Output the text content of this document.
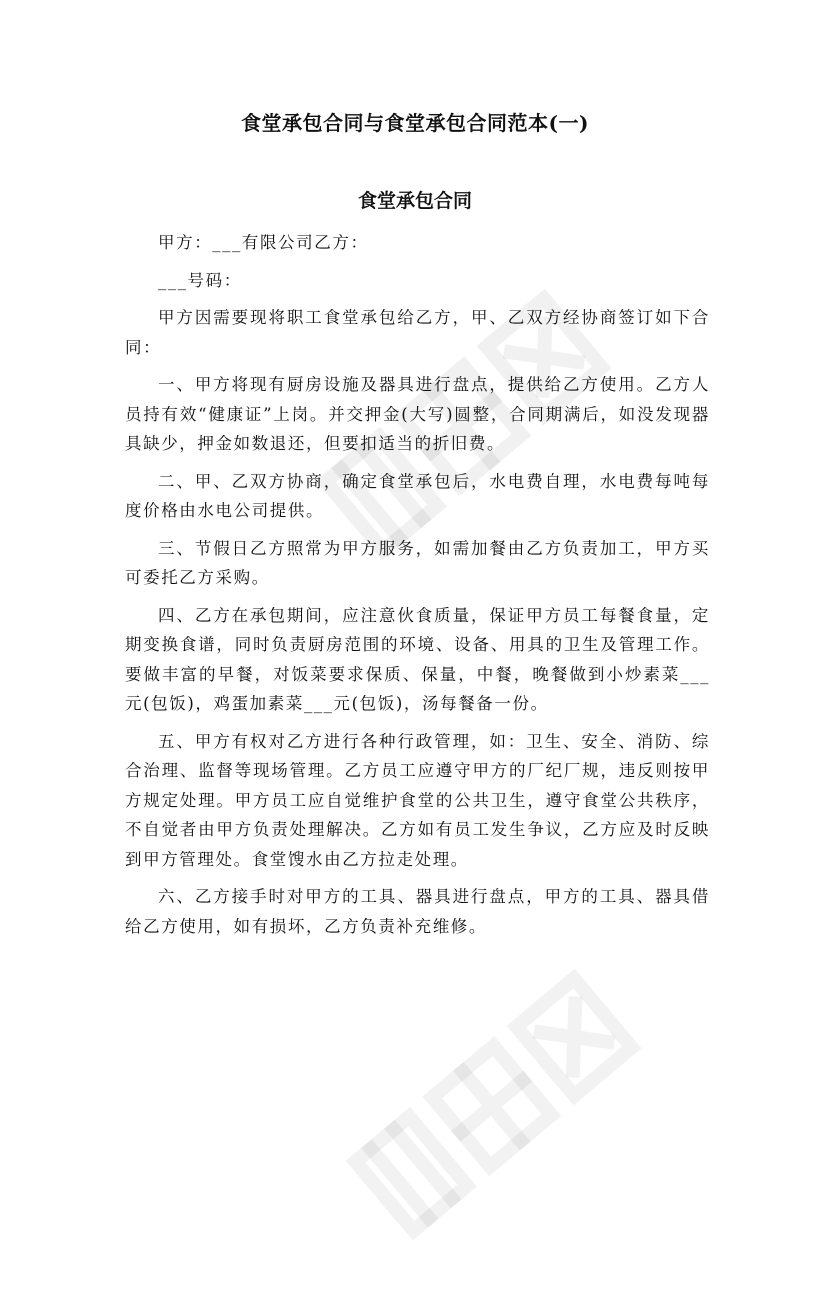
食堂承包合同与食堂承包合同范本(一)
食堂承包合同

甲方：___有限公司乙方：

___号码：

甲方因需要现将职工食堂承包给乙方，甲、乙双方经协商签订如下合同：

一、甲方将现有厨房设施及器具进行盘点，提供给乙方使用。乙方人员持有效“健康证”上岗。并交押金(大写)圆整，合同期满后，如没发现器具缺少，押金如数退还，但要扣适当的折旧费。

二、甲、乙双方协商，确定食堂承包后，水电费自理，水电费每吨每度价格由水电公司提供。

三、节假日乙方照常为甲方服务，如需加餐由乙方负责加工，甲方买可委托乙方采购。

四、乙方在承包期间，应注意伙食质量，保证甲方员工每餐食量，定期变换食谱，同时负责厨房范围的环境、设备、用具的卫生及管理工作。要做丰富的早餐，对饭菜要求保质、保量，中餐，晚餐做到小炒素菜___元(包饭)，鸡蛋加素菜___元(包饭)，汤每餐备一份。

五、甲方有权对乙方进行各种行政管理，如：卫生、安全、消防、综合治理、监督等现场管理。乙方员工应遵守甲方的厂纪厂规，违反则按甲方规定处理。甲方员工应自觉维护食堂的公共卫生，遵守食堂公共秩序，不自觉者由甲方负责处理解决。乙方如有员工发生争议，乙方应及时反映到甲方管理处。食堂馊水由乙方拉走处理。

六、乙方接手时对甲方的工具、器具进行盘点，甲方的工具、器具借给乙方使用，如有损坏，乙方负责补充维修。
